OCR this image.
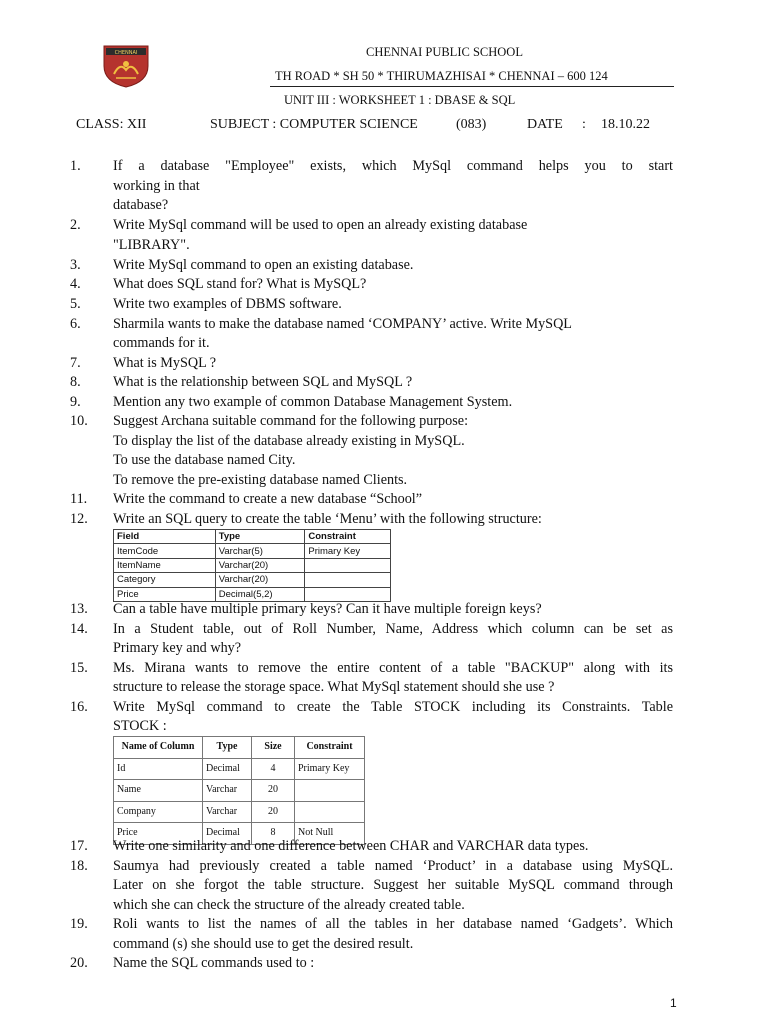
CHENNAI	CHENNAI PUBLIC SCHOOL
TH ROAD * SH 50 * THIRUMAZHISAI * CHENNAI – 600 124
UNIT III : WORKSHEET 1 : DBASE & SQL
CLASS: XII	SUBJECT : COMPUTER SCIENCE	(083)	DATE : 18.10.22
1. If a database "Employee" exists, which MySql command helps you to start
working in that
database?
2. Write MySql command will be used to open an already existing database
"LIBRARY".
3. Write MySql command to open an existing database.
4. What does SQL stand for? What is MySQL?
5. Write two examples of DBMS software.
6. Sharmila wants to make the database named ‘COMPANY’ active. Write MySQL
commands for it.
7. What is MySQL ?
8. What is the relationship between SQL and MySQL ?
9. Mention any two example of common Database Management System.
10. Suggest Archana suitable command for the following purpose:
To display the list of the database already existing in MySQL.
To use the database named City.
To remove the pre-existing database named Clients.
11. Write the command to create a new database “School”
12. Write an SQL query to create the table ‘Menu’ with the following structure:
Field	Type	Constraint
ItemCode	Varchar(5)	Primary Key
ItemName	Varchar(20)	
Category	Varchar(20)	
Price	Decimal(5,2)	
13. Can a table have multiple primary keys? Can it have multiple foreign keys?
14. In a Student table, out of Roll Number, Name, Address which column can be set as
Primary key and why?
15. Ms. Mirana wants to remove the entire content of a table "BACKUP" along with its
structure to release the storage space. What MySql statement should she use ?
16. Write MySql command to create the Table STOCK including its Constraints. Table
STOCK :
Name of Column	Type	Size	Constraint
Id	Decimal	4	Primary Key
Name	Varchar	20	
Company	Varchar	20	
Price	Decimal	8	Not Null
17. Write one similarity and one difference between CHAR and VARCHAR data types.
18. Saumya had previously created a table named ‘Product’ in a database using MySQL.
Later on she forgot the table structure. Suggest her suitable MySQL command through
which she can check the structure of the already created table.
19. Roli wants to list the names of all the tables in her database named ‘Gadgets’. Which
command (s) she should use to get the desired result.
20. Name the SQL commands used to :
1
